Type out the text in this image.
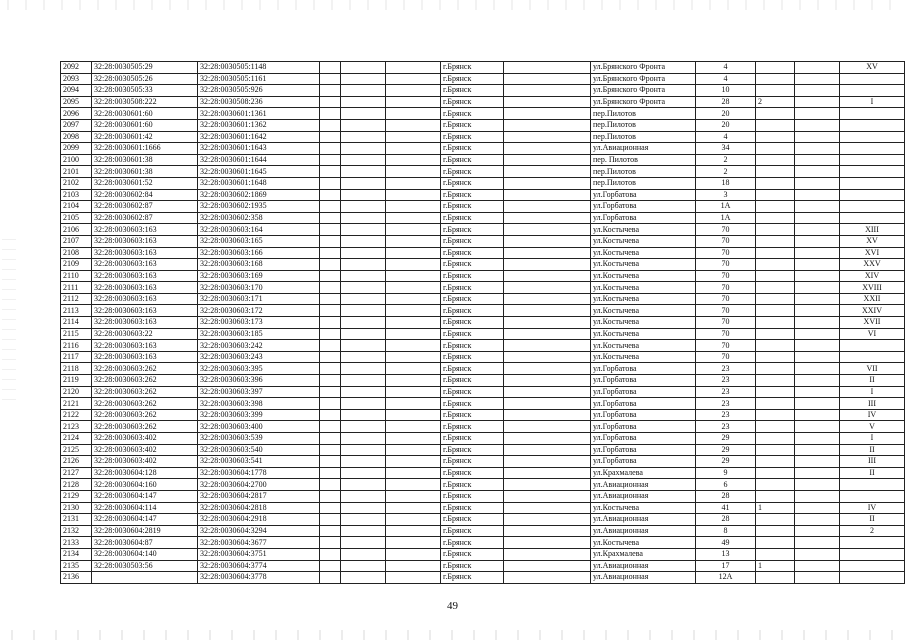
2092	32:28:0030505:29	32:28:0030505:1148				г.Брянск		ул.Брянского Фронта	4			XV
2093	32:28:0030505:26	32:28:0030505:1161				г.Брянск		ул.Брянского Фронта	4			
2094	32:28:0030505:33	32:28:0030505:926				г.Брянск		ул.Брянского Фронта	10			
2095	32:28:0030508:222	32:28:0030508:236				г.Брянск		ул.Брянского Фронта	28	2		I
2096	32:28:0030601:60	32:28:0030601:1361				г.Брянск		пер.Пилотов	20			
2097	32:28:0030601:60	32:28:0030601:1362				г.Брянск		пер.Пилотов	20			
2098	32:28:0030601:42	32:28:0030601:1642				г.Брянск		пер.Пилотов	4			
2099	32:28:0030601:1666	32:28:0030601:1643				г.Брянск		ул.Авиационная	34			
2100	32:28:0030601:38	32:28:0030601:1644				г.Брянск		пер. Пилотов	2			
2101	32:28:0030601:38	32:28:0030601:1645				г.Брянск		пер.Пилотов	2			
2102	32:28:0030601:52	32:28:0030601:1648				г.Брянск		пер.Пилотов	18			
2103	32:28:0030602:84	32:28:0030602:1869				г.Брянск		ул.Горбатова	3			
2104	32:28:0030602:87	32:28:0030602:1935				г.Брянск		ул.Горбатова	1А			
2105	32:28:0030602:87	32:28:0030602:358				г.Брянск		ул.Горбатова	1А			
2106	32:28:0030603:163	32:28:0030603:164				г.Брянск		ул.Костычева	70			XIII
2107	32:28:0030603:163	32:28:0030603:165				г.Брянск		ул.Костычева	70			XV
2108	32:28:0030603:163	32:28:0030603:166				г.Брянск		ул.Костычева	70			XVI
2109	32:28:0030603:163	32:28:0030603:168				г.Брянск		ул.Костычева	70			XXV
2110	32:28:0030603:163	32:28:0030603:169				г.Брянск		ул.Костычева	70			XIV
2111	32:28:0030603:163	32:28:0030603:170				г.Брянск		ул.Костычева	70			XVIII
2112	32:28:0030603:163	32:28:0030603:171				г.Брянск		ул.Костычева	70			XXII
2113	32:28:0030603:163	32:28:0030603:172				г.Брянск		ул.Костычева	70			XXIV
2114	32:28:0030603:163	32:28:0030603:173				г.Брянск		ул.Костычева	70			XVII
2115	32:28:0030603:22	32:28:0030603:185				г.Брянск		ул.Костычева	70			VI
2116	32:28:0030603:163	32:28:0030603:242				г.Брянск		ул.Костычева	70			
2117	32:28:0030603:163	32:28:0030603:243				г.Брянск		ул.Костычева	70			
2118	32:28:0030603:262	32:28:0030603:395				г.Брянск		ул.Горбатова	23			VII
2119	32:28:0030603:262	32:28:0030603:396				г.Брянск		ул.Горбатова	23			II
2120	32:28:0030603:262	32:28:0030603:397				г.Брянск		ул.Горбатова	23			I
2121	32:28:0030603:262	32:28:0030603:398				г.Брянск		ул.Горбатова	23			III
2122	32:28:0030603:262	32:28:0030603:399				г.Брянск		ул.Горбатова	23			IV
2123	32:28:0030603:262	32:28:0030603:400				г.Брянск		ул.Горбатова	23			V
2124	32:28:0030603:402	32:28:0030603:539				г.Брянск		ул.Горбатова	29			I
2125	32:28:0030603:402	32:28:0030603:540				г.Брянск		ул.Горбатова	29			II
2126	32:28:0030603:402	32:28:0030603:541				г.Брянск		ул.Горбатова	29			III
2127	32:28:0030604:128	32:28:0030604:1778				г.Брянск		ул.Крахмалева	9			II
2128	32:28:0030604:160	32:28:0030604:2700				г.Брянск		ул.Авиационная	6			
2129	32:28:0030604:147	32:28:0030604:2817				г.Брянск		ул.Авиационная	28			
2130	32:28:0030604:114	32:28:0030604:2818				г.Брянск		ул.Костычева	41	1		IV
2131	32:28:0030604:147	32:28:0030604:2918				г.Брянск		ул.Авиационная	28			II
2132	32:28:0030604:2819	32:28:0030604:3294				г.Брянск		ул.Авиационная	8			2
2133	32:28:0030604:87	32:28:0030604:3677				г.Брянск		ул.Костычева	49			
2134	32:28:0030604:140	32:28:0030604:3751				г.Брянск		ул.Крахмалева	13			
2135	32:28:0030503:56	32:28:0030604:3774				г.Брянск		ул.Авиационная	17	1		
2136		32:28:0030604:3778				г.Брянск		ул.Авиационная	12А			
49
